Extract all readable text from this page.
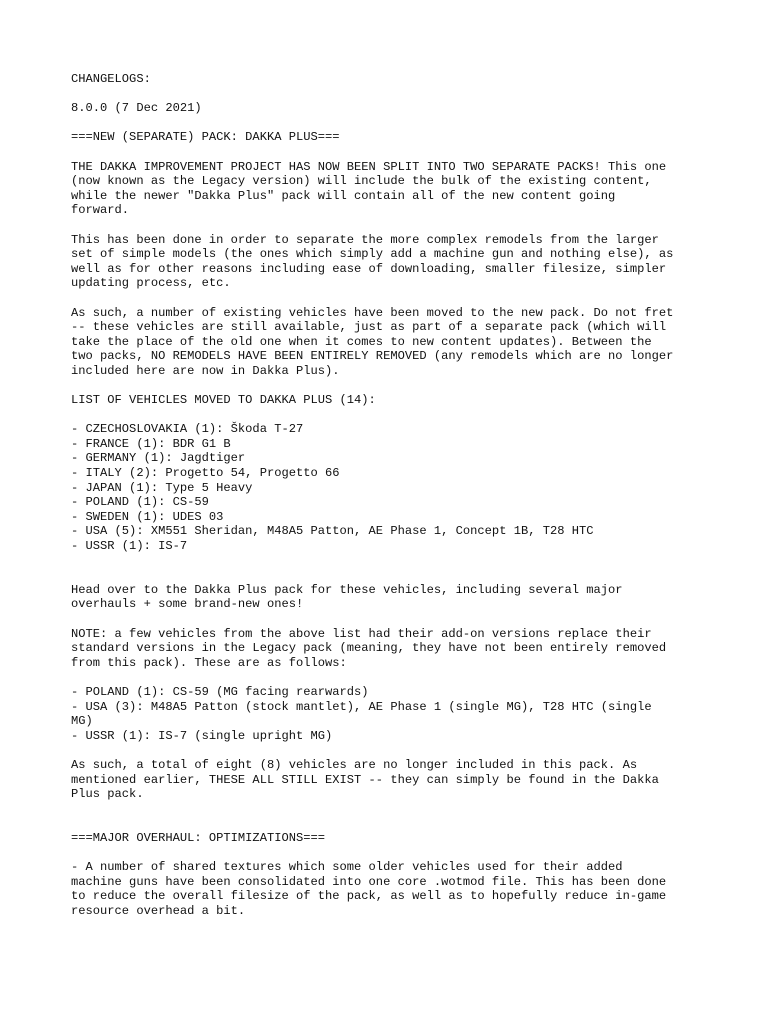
CHANGELOGS:
8.0.0 (7 Dec 2021)
===NEW (SEPARATE) PACK: DAKKA PLUS===
THE DAKKA IMPROVEMENT PROJECT HAS NOW BEEN SPLIT INTO TWO SEPARATE PACKS! This one
(now known as the Legacy version) will include the bulk of the existing content,
while the newer "Dakka Plus" pack will contain all of the new content going
forward.
This has been done in order to separate the more complex remodels from the larger
set of simple models (the ones which simply add a machine gun and nothing else), as
well as for other reasons including ease of downloading, smaller filesize, simpler
updating process, etc.
As such, a number of existing vehicles have been moved to the new pack. Do not fret
-- these vehicles are still available, just as part of a separate pack (which will
take the place of the old one when it comes to new content updates). Between the
two packs, NO REMODELS HAVE BEEN ENTIRELY REMOVED (any remodels which are no longer
included here are now in Dakka Plus).
LIST OF VEHICLES MOVED TO DAKKA PLUS (14):
- CZECHOSLOVAKIA (1): Škoda T-27
- FRANCE (1): BDR G1 B
- GERMANY (1): Jagdtiger
- ITALY (2): Progetto 54, Progetto 66
- JAPAN (1): Type 5 Heavy
- POLAND (1): CS-59
- SWEDEN (1): UDES 03
- USA (5): XM551 Sheridan, M48A5 Patton, AE Phase 1, Concept 1B, T28 HTC
- USSR (1): IS-7
Head over to the Dakka Plus pack for these vehicles, including several major
overhauls + some brand-new ones!
NOTE: a few vehicles from the above list had their add-on versions replace their
standard versions in the Legacy pack (meaning, they have not been entirely removed
from this pack). These are as follows:
- POLAND (1): CS-59 (MG facing rearwards)
- USA (3): M48A5 Patton (stock mantlet), AE Phase 1 (single MG), T28 HTC (single
MG)
- USSR (1): IS-7 (single upright MG)
As such, a total of eight (8) vehicles are no longer included in this pack. As
mentioned earlier, THESE ALL STILL EXIST -- they can simply be found in the Dakka
Plus pack.
===MAJOR OVERHAUL: OPTIMIZATIONS===
- A number of shared textures which some older vehicles used for their added
machine guns have been consolidated into one core .wotmod file. This has been done
to reduce the overall filesize of the pack, as well as to hopefully reduce in-game
resource overhead a bit.
